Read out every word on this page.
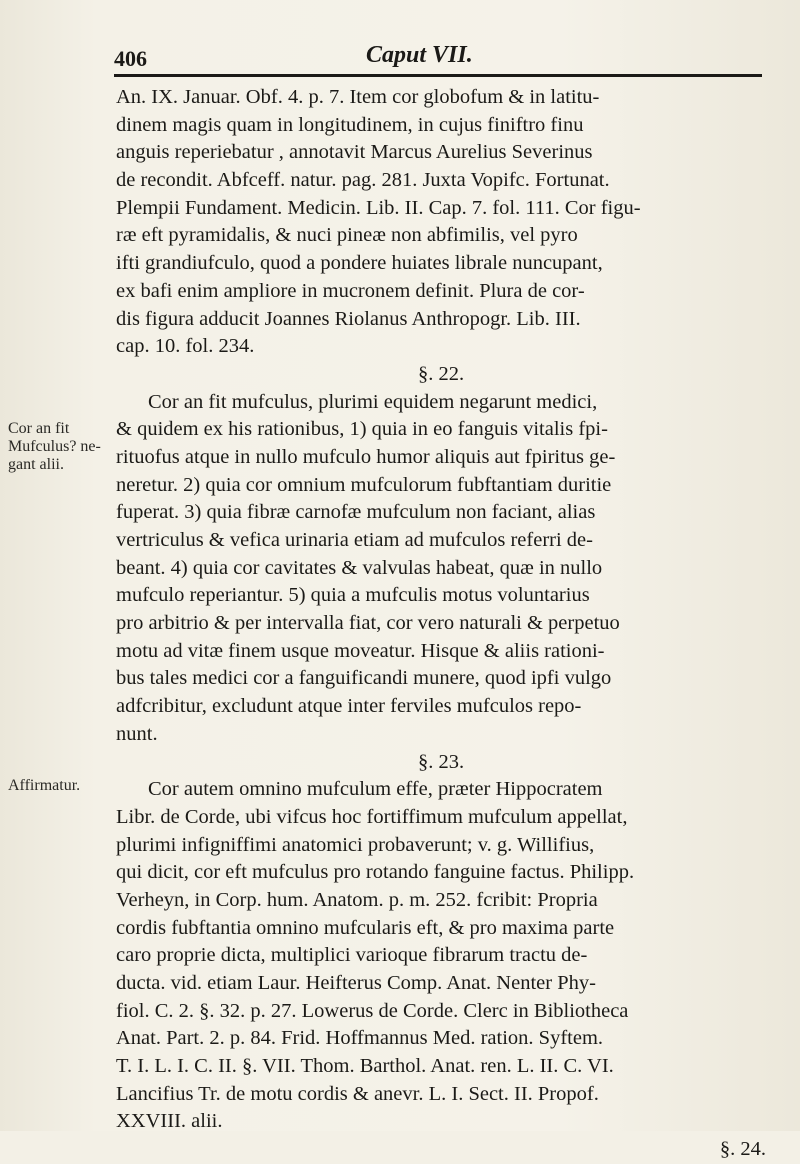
406	Caput VII.
Cor an fit Mufculus? ne- gant alii.
Affirmatur.
An. IX. Januar. Obf. 4. p. 7. Item cor globofum & in latitu-
dinem magis quam in longitudinem, in cujus finiftro finu
anguis reperiebatur , annotavit Marcus Aurelius Severinus
de recondit. Abfceff. natur. pag. 281. Juxta Vopifc. Fortunat.
Plempii Fundament. Medicin. Lib. II. Cap. 7. fol. 111. Cor figu-
ræ eft pyramidalis, & nuci pineæ non abfimilis, vel pyro
ifti grandiufculo, quod a pondere huiates librale nuncupant,
ex bafi enim ampliore in mucronem definit. Plura de cor-
dis figura adducit Joannes Riolanus Anthropogr. Lib. III.
cap. 10. fol. 234.
§. 22.
Cor an fit mufculus, plurimi equidem negarunt medici,
& quidem ex his rationibus, 1) quia in eo fanguis vitalis fpi-
rituofus atque in nullo mufculo humor aliquis aut fpiritus ge-
neretur. 2) quia cor omnium mufculorum fubftantiam duritie
fuperat. 3) quia fibræ carnofæ mufculum non faciant, alias
vertriculus & vefica urinaria etiam ad mufculos referri de-
beant. 4) quia cor cavitates & valvulas habeat, quæ in nullo
mufculo reperiantur. 5) quia a mufculis motus voluntarius
pro arbitrio & per intervalla fiat, cor vero naturali & perpetuo
motu ad vitæ finem usque moveatur. Hisque & aliis rationi-
bus tales medici cor a fanguificandi munere, quod ipfi vulgo
adfcribitur, excludunt atque inter ferviles mufculos repo-
nunt.
§. 23.
Cor autem omnino mufculum effe, præter Hippocratem
Libr. de Corde, ubi vifcus hoc fortiffimum mufculum appellat,
plurimi infigniffimi anatomici probaverunt; v. g. Willifius,
qui dicit, cor eft mufculus pro rotando fanguine factus. Philipp.
Verheyn, in Corp. hum. Anatom. p. m. 252. fcribit: Propria
cordis fubftantia omnino mufcularis eft, & pro maxima parte
caro proprie dicta, multiplici varioque fibrarum tractu de-
ducta. vid. etiam Laur. Heifterus Comp. Anat. Nenter Phy-
fiol. C. 2. §. 32. p. 27. Lowerus de Corde. Clerc in Bibliotheca
Anat. Part. 2. p. 84. Frid. Hoffmannus Med. ration. Syftem.
T. I. L. I. C. II. §. VII. Thom. Barthol. Anat. ren. L. II. C. VI.
Lancifius Tr. de motu cordis & anevr. L. I. Sect. II. Propof.
XXVIII. alii.
§. 24.
